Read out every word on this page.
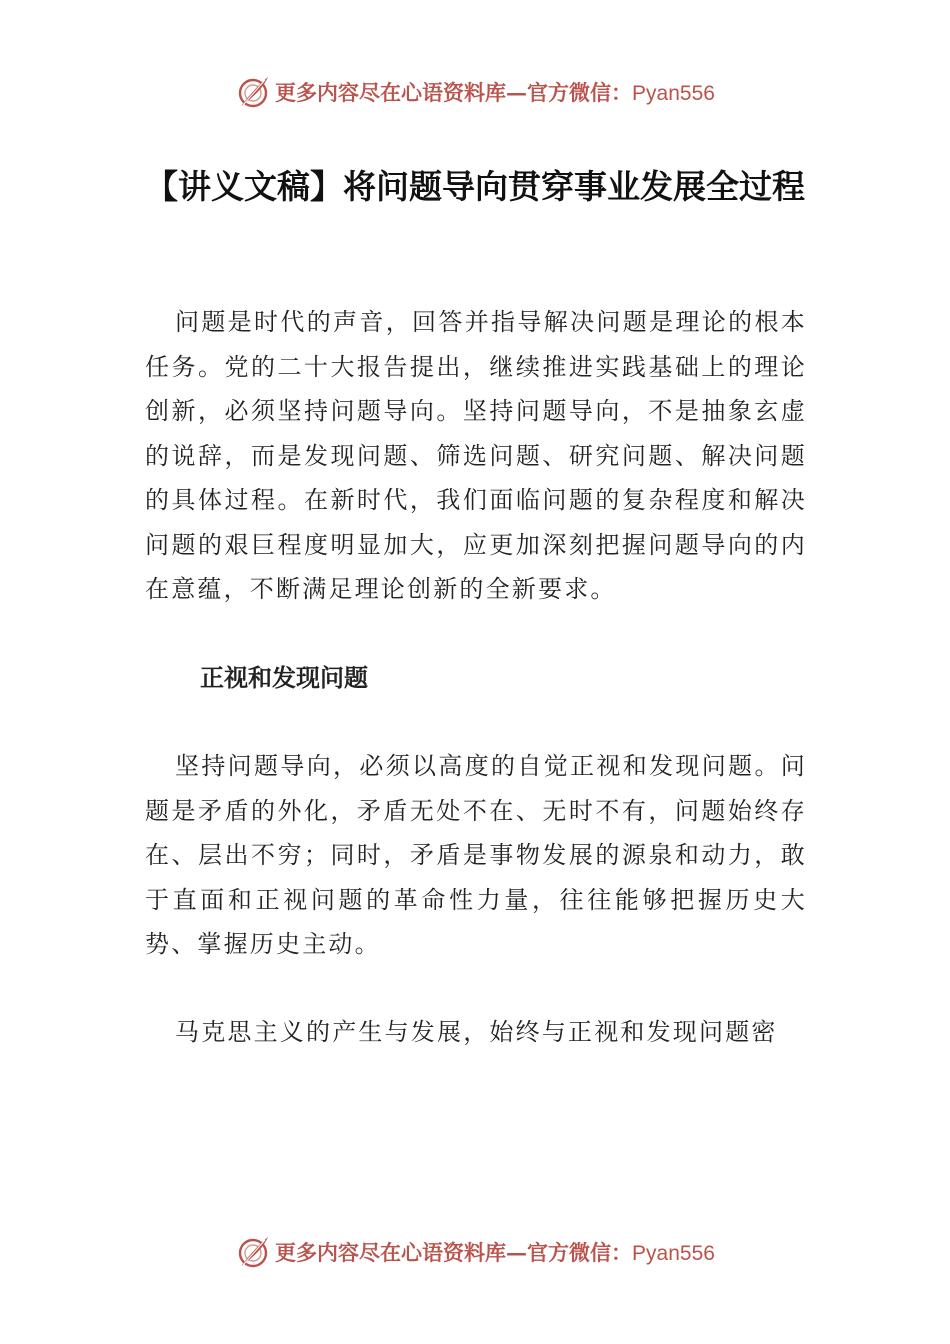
更多内容尽在心语资料库—官方微信：Pyan556
【讲义文稿】将问题导向贯穿事业发展全过程

问题是时代的声音，回答并指导解决问题是理论的根本任务。党的二十大报告提出，继续推进实践基础上的理论创新，必须坚持问题导向。坚持问题导向，不是抽象玄虚的说辞，而是发现问题、筛选问题、研究问题、解决问题的具体过程。在新时代，我们面临问题的复杂程度和解决问题的艰巨程度明显加大，应更加深刻把握问题导向的内在意蕴，不断满足理论创新的全新要求。

正视和发现问题

坚持问题导向，必须以高度的自觉正视和发现问题。问题是矛盾的外化，矛盾无处不在、无时不有，问题始终存在、层出不穷；同时，矛盾是事物发展的源泉和动力，敢于直面和正视问题的革命性力量，往往能够把握历史大势、掌握历史主动。

马克思主义的产生与发展，始终与正视和发现问题密

更多内容尽在心语资料库—官方微信：Pyan556
